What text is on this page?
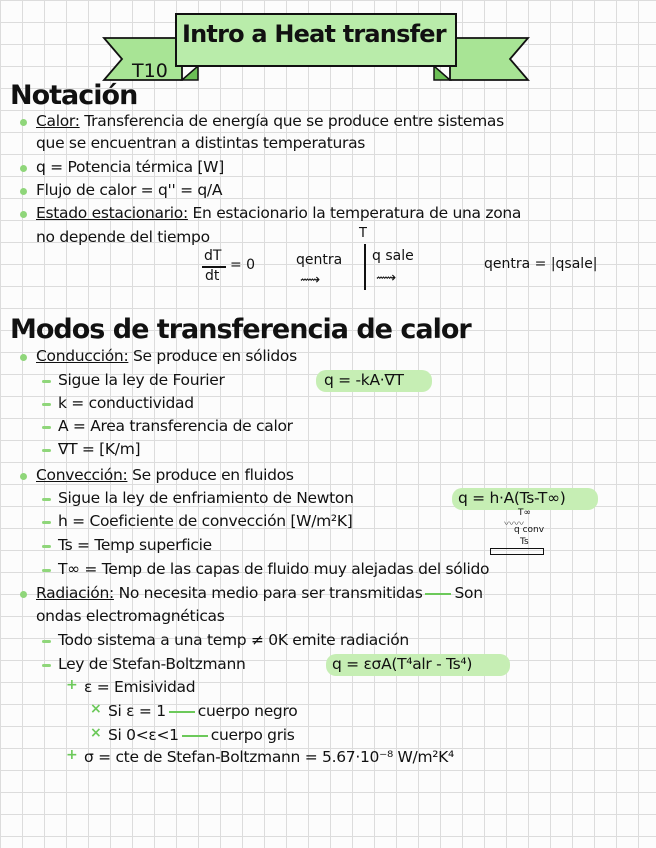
Intro a Heat transfer
T10
Notación
Calor: Transferencia de energía que se produce entre sistemas
que se encuentran a distintas temperaturas
q = Potencia térmica [W]
Flujo de calor = q'' = q/A
Estado estacionario: En estacionario la temperatura de una zona
no depende del tiempo
dT
dt
= 0	qentra
⟿
T
q sale
⟿
qentra = |qsale|
Modos de transferencia de calor
Conducción: Se produce en sólidos
Sigue la ley de Fourier	q = -kA·∇T
k = conductividad
A = Area transferencia de calor
∇T = [K/m]
Convección: Se produce en fluidos
Sigue la ley de enfriamiento de Newton	q = h·A(Ts-T∞)
h = Coeficiente de convección [W/m²K]	T∞
〰〰
q conv
Ts
Ts = Temp superficie
T∞ = Temp de las capas de fluido muy alejadas del sólido
Radiación: No necesita medio para ser transmitidas Son
ondas electromagnéticas
Todo sistema a una temp ≠ 0K emite radiación
Ley de Stefan-Boltzmann	q = εσA(T⁴alr - Ts⁴)
+ ε = Emisividad
× Si ε = 1 cuerpo negro
× Si 0<ε<1 cuerpo gris
+ σ = cte de Stefan-Boltzmann = 5.67·10⁻⁸ W/m²K⁴
